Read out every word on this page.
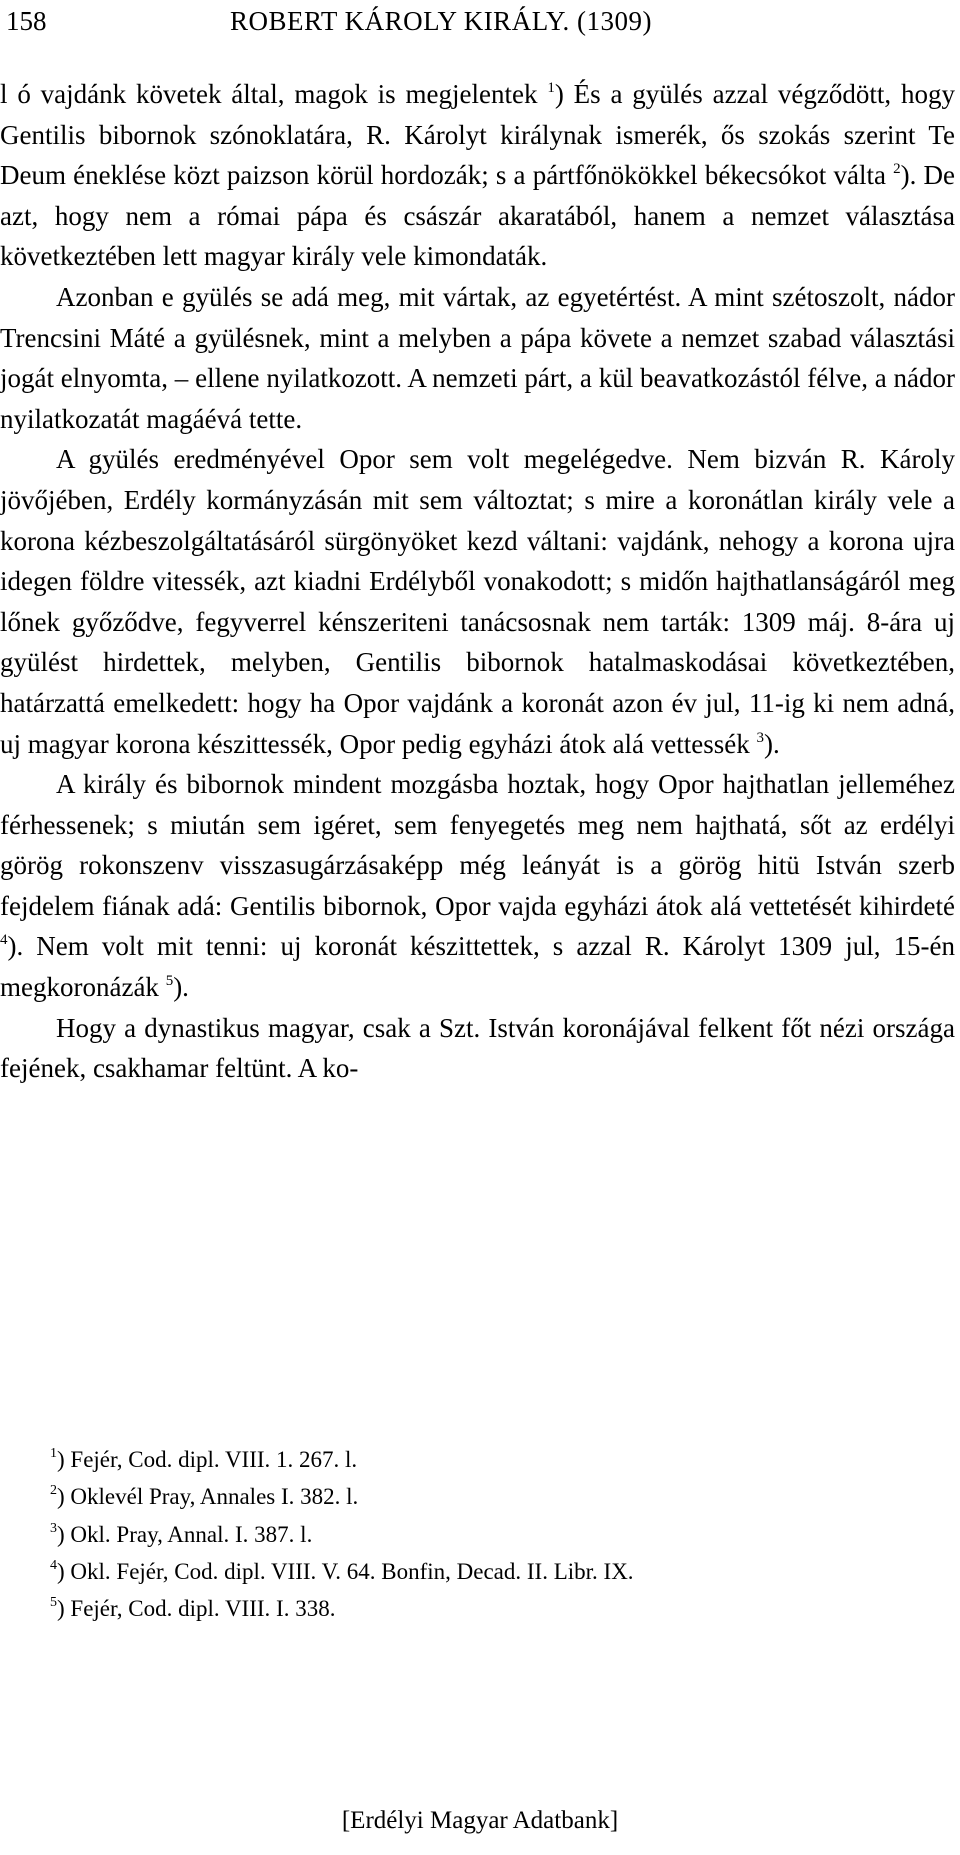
158	ROBERT KÁROLY KIRÁLY. (1309)

l ó vajdánk követek által, magok is megjelentek $^1$) És a gyülés azzal végződött, hogy Gentilis bibornok szónoklatára, R. Károlyt királynak ismerék, ős szokás szerint Te Deum éneklése közt paizson körül hordozák; s a pártfőnökökkel békecsókot válta $^2$). De azt, hogy nem a római pápa és császár akaratából, hanem a nemzet választása következtében lett magyar király vele kimondaták.

Azonban e gyülés se adá meg, mit vártak, az egyetértést. A mint szétoszolt, nádor Trencsini Máté a gyülésnek, mint a melyben a pápa követe a nemzet szabad választási jogát elnyomta, – ellene nyilatkozott. A nemzeti párt, a kül beavatkozástól félve, a nádor nyilatkozatát magáévá tette.

A gyülés eredményével Opor sem volt megelégedve. Nem bizván R. Károly jövőjében, Erdély kormányzásán mit sem változtat; s mire a koronátlan király vele a korona kézbeszolgáltatásáról sürgönyöket kezd váltani: vajdánk, nehogy a korona ujra idegen földre vitessék, azt kiadni Erdélyből vonakodott; s midőn hajthatlanságáról meg lőnek győződve, fegyverrel kénszeriteni tanácsosnak nem tarták: 1309 máj. 8-ára uj gyülést hirdettek, melyben, Gentilis bibornok hatalmaskodásai következtében, határzattá emelkedett: hogy ha Opor vajdánk a koronát azon év jul, 11-ig ki nem adná, uj magyar korona készittessék, Opor pedig egyházi átok alá vettessék $^3$).

A király és bibornok mindent mozgásba hoztak, hogy Opor hajthatlan jelleméhez férhessenek; s miután sem igéret, sem fenyegetés meg nem hajthatá, sőt az erdélyi görög rokonszenv visszasugárzásaképp még leányát is a görög hitü István szerb fejdelem fiának adá: Gentilis bibornok, Opor vajda egyházi átok alá vettetését kihirdeté $^4$). Nem volt mit tenni: uj koronát készittettek, s azzal R. Károlyt 1309 jul, 15-én megkoronázák $^5$).

Hogy a dynastikus magyar, csak a Szt. István koronájával felkent főt nézi országa fejének, csakhamar feltünt. A ko-

$^1$) Fejér, Cod. dipl. VIII. 1. 267. l.
$^2$) Oklevél Pray, Annales I. 382. l.
$^3$) Okl. Pray, Annal. I. 387. l.
$^4$) Okl. Fejér, Cod. dipl. VIII. V. 64. Bonfin, Decad. II. Libr. IX.
$^5$) Fejér, Cod. dipl. VIII. I. 338.
[Erdélyi Magyar Adatbank]
